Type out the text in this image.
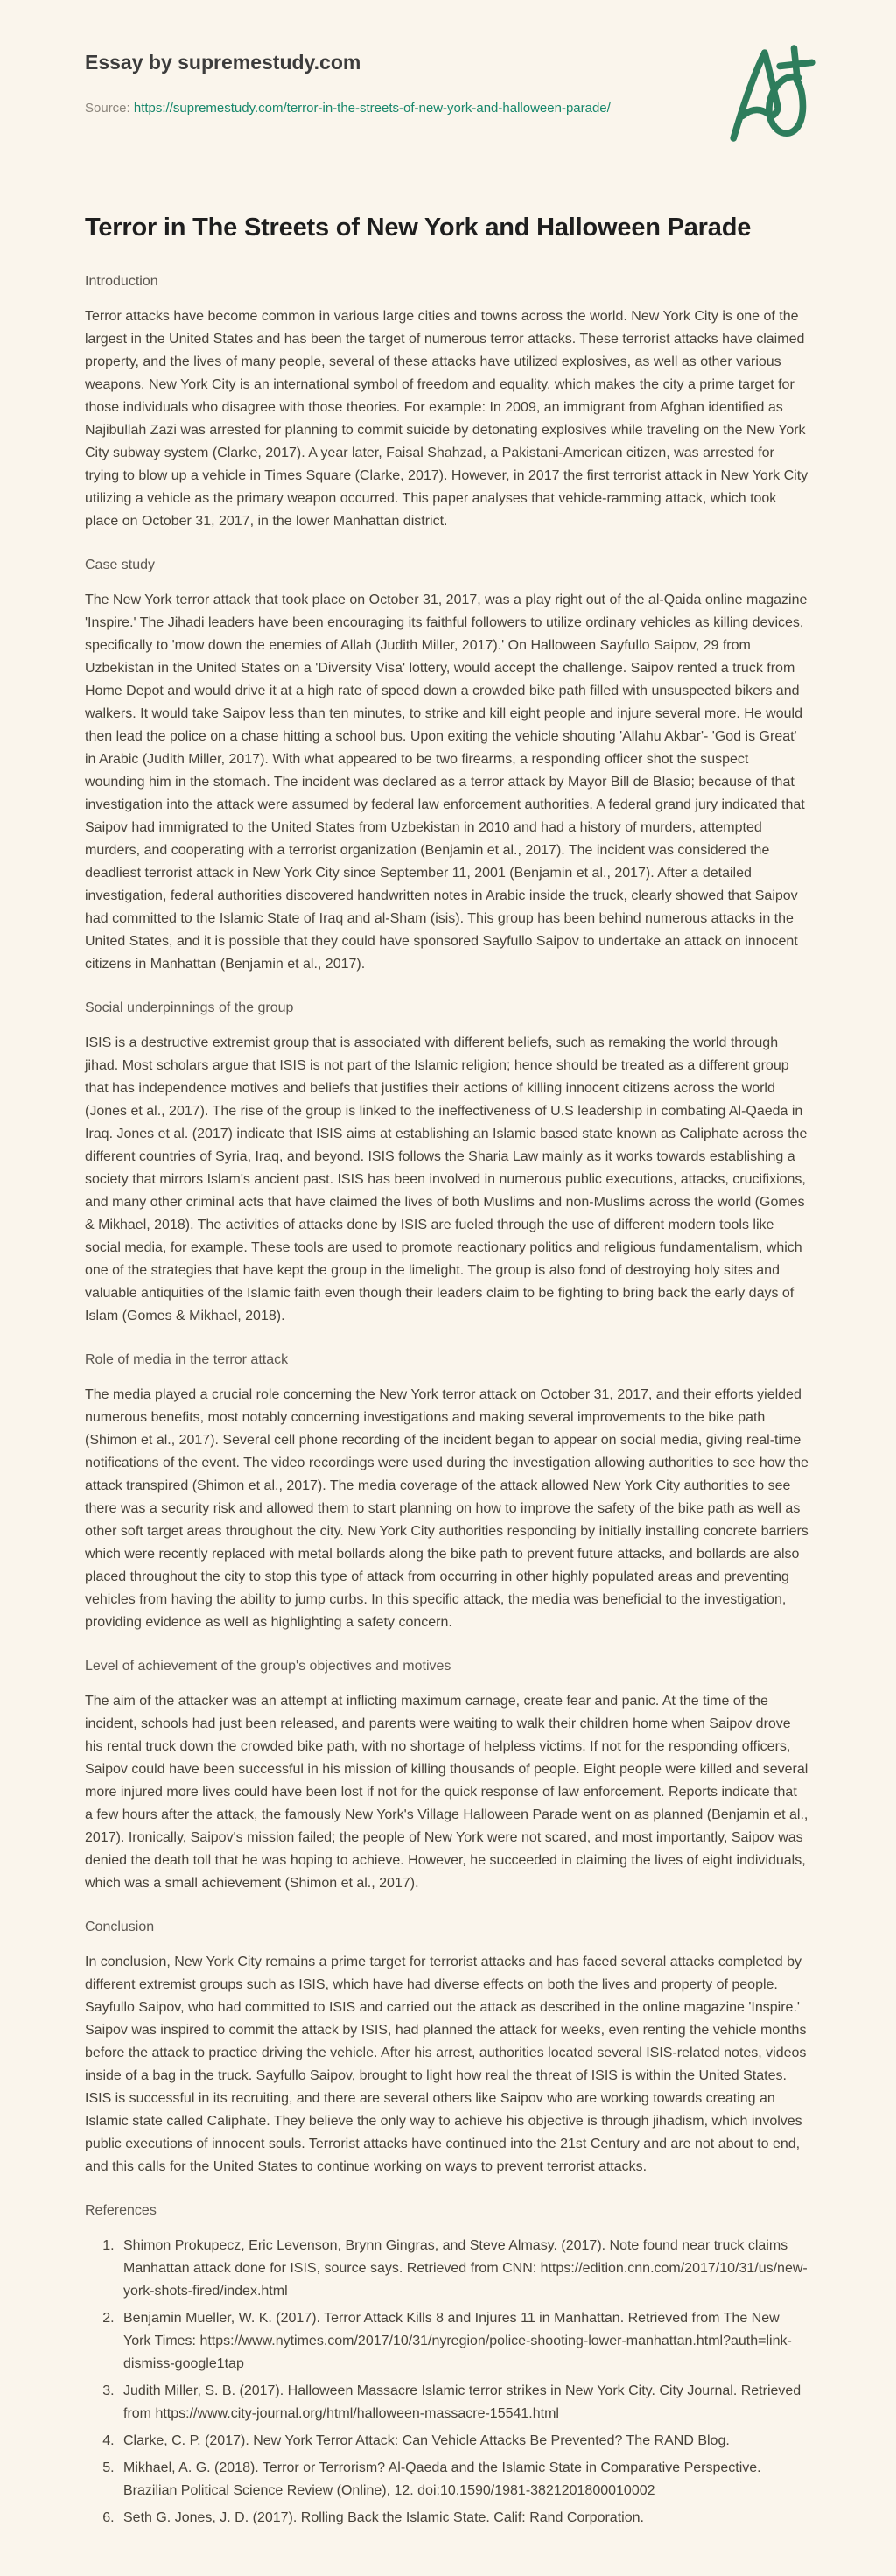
Essay by supremestudy.com
Source: https://supremestudy.com/terror-in-the-streets-of-new-york-and-halloween-parade/
Terror in The Streets of New York and Halloween Parade
Introduction

Terror attacks have become common in various large cities and towns across the world. New York City is one of the largest in the United States and has been the target of numerous terror attacks. These terrorist attacks have claimed property, and the lives of many people, several of these attacks have utilized explosives, as well as other various weapons. New York City is an international symbol of freedom and equality, which makes the city a prime target for those individuals who disagree with those theories. For example: In 2009, an immigrant from Afghan identified as Najibullah Zazi was arrested for planning to commit suicide by detonating explosives while traveling on the New York City subway system (Clarke, 2017). A year later, Faisal Shahzad, a Pakistani-American citizen, was arrested for trying to blow up a vehicle in Times Square (Clarke, 2017). However, in 2017 the first terrorist attack in New York City utilizing a vehicle as the primary weapon occurred. This paper analyses that vehicle-ramming attack, which took place on October 31, 2017, in the lower Manhattan district.

Case study

The New York terror attack that took place on October 31, 2017, was a play right out of the al-Qaida online magazine 'Inspire.' The Jihadi leaders have been encouraging its faithful followers to utilize ordinary vehicles as killing devices, specifically to 'mow down the enemies of Allah (Judith Miller, 2017).' On Halloween Sayfullo Saipov, 29 from Uzbekistan in the United States on a 'Diversity Visa' lottery, would accept the challenge. Saipov rented a truck from Home Depot and would drive it at a high rate of speed down a crowded bike path filled with unsuspected bikers and walkers. It would take Saipov less than ten minutes, to strike and kill eight people and injure several more. He would then lead the police on a chase hitting a school bus. Upon exiting the vehicle shouting 'Allahu Akbar'- 'God is Great' in Arabic (Judith Miller, 2017). With what appeared to be two firearms, a responding officer shot the suspect wounding him in the stomach. The incident was declared as a terror attack by Mayor Bill de Blasio; because of that investigation into the attack were assumed by federal law enforcement authorities. A federal grand jury indicated that Saipov had immigrated to the United States from Uzbekistan in 2010 and had a history of murders, attempted murders, and cooperating with a terrorist organization (Benjamin et al., 2017). The incident was considered the deadliest terrorist attack in New York City since September 11, 2001 (Benjamin et al., 2017). After a detailed investigation, federal authorities discovered handwritten notes in Arabic inside the truck, clearly showed that Saipov had committed to the Islamic State of Iraq and al-Sham (isis). This group has been behind numerous attacks in the United States, and it is possible that they could have sponsored Sayfullo Saipov to undertake an attack on innocent citizens in Manhattan (Benjamin et al., 2017).

Social underpinnings of the group

ISIS is a destructive extremist group that is associated with different beliefs, such as remaking the world through jihad. Most scholars argue that ISIS is not part of the Islamic religion; hence should be treated as a different group that has independence motives and beliefs that justifies their actions of killing innocent citizens across the world (Jones et al., 2017). The rise of the group is linked to the ineffectiveness of U.S leadership in combating Al-Qaeda in Iraq. Jones et al. (2017) indicate that ISIS aims at establishing an Islamic based state known as Caliphate across the different countries of Syria, Iraq, and beyond. ISIS follows the Sharia Law mainly as it works towards establishing a society that mirrors Islam's ancient past. ISIS has been involved in numerous public executions, attacks, crucifixions, and many other criminal acts that have claimed the lives of both Muslims and non-Muslims across the world (Gomes & Mikhael, 2018). The activities of attacks done by ISIS are fueled through the use of different modern tools like social media, for example. These tools are used to promote reactionary politics and religious fundamentalism, which one of the strategies that have kept the group in the limelight. The group is also fond of destroying holy sites and valuable antiquities of the Islamic faith even though their leaders claim to be fighting to bring back the early days of Islam (Gomes & Mikhael, 2018).

Role of media in the terror attack

The media played a crucial role concerning the New York terror attack on October 31, 2017, and their efforts yielded numerous benefits, most notably concerning investigations and making several improvements to the bike path (Shimon et al., 2017). Several cell phone recording of the incident began to appear on social media, giving real-time notifications of the event. The video recordings were used during the investigation allowing authorities to see how the attack transpired (Shimon et al., 2017). The media coverage of the attack allowed New York City authorities to see there was a security risk and allowed them to start planning on how to improve the safety of the bike path as well as other soft target areas throughout the city. New York City authorities responding by initially installing concrete barriers which were recently replaced with metal bollards along the bike path to prevent future attacks, and bollards are also placed throughout the city to stop this type of attack from occurring in other highly populated areas and preventing vehicles from having the ability to jump curbs. In this specific attack, the media was beneficial to the investigation, providing evidence as well as highlighting a safety concern.

Level of achievement of the group's objectives and motives

The aim of the attacker was an attempt at inflicting maximum carnage, create fear and panic. At the time of the incident, schools had just been released, and parents were waiting to walk their children home when Saipov drove his rental truck down the crowded bike path, with no shortage of helpless victims. If not for the responding officers, Saipov could have been successful in his mission of killing thousands of people. Eight people were killed and several more injured more lives could have been lost if not for the quick response of law enforcement. Reports indicate that a few hours after the attack, the famously New York's Village Halloween Parade went on as planned (Benjamin et al., 2017). Ironically, Saipov's mission failed; the people of New York were not scared, and most importantly, Saipov was denied the death toll that he was hoping to achieve. However, he succeeded in claiming the lives of eight individuals, which was a small achievement (Shimon et al., 2017).

Conclusion

In conclusion, New York City remains a prime target for terrorist attacks and has faced several attacks completed by different extremist groups such as ISIS, which have had diverse effects on both the lives and property of people. Sayfullo Saipov, who had committed to ISIS and carried out the attack as described in the online magazine 'Inspire.' Saipov was inspired to commit the attack by ISIS, had planned the attack for weeks, even renting the vehicle months before the attack to practice driving the vehicle. After his arrest, authorities located several ISIS-related notes, videos inside of a bag in the truck. Sayfullo Saipov, brought to light how real the threat of ISIS is within the United States. ISIS is successful in its recruiting, and there are several others like Saipov who are working towards creating an Islamic state called Caliphate. They believe the only way to achieve his objective is through jihadism, which involves public executions of innocent souls. Terrorist attacks have continued into the 21st Century and are not about to end, and this calls for the United States to continue working on ways to prevent terrorist attacks.

References
1. Shimon Prokupecz, Eric Levenson, Brynn Gingras, and Steve Almasy. (2017). Note found near truck claims Manhattan attack done for ISIS, source says. Retrieved from CNN: https://edition.cnn.com/2017/10/31/us/new-york-shots-fired/index.html
2. Benjamin Mueller, W. K. (2017). Terror Attack Kills 8 and Injures 11 in Manhattan. Retrieved from The New York Times: https://www.nytimes.com/2017/10/31/nyregion/police-shooting-lower-manhattan.html?auth=link-dismiss-google1tap
3. Judith Miller, S. B. (2017). Halloween Massacre Islamic terror strikes in New York City. City Journal. Retrieved from https://www.city-journal.org/html/halloween-massacre-15541.html
4. Clarke, C. P. (2017). New York Terror Attack: Can Vehicle Attacks Be Prevented? The RAND Blog.
5. Mikhael, A. G. (2018). Terror or Terrorism? Al-Qaeda and the Islamic State in Comparative Perspective. Brazilian Political Science Review (Online), 12. doi:10.1590/1981-3821201800010002
6. Seth G. Jones, J. D. (2017). Rolling Back the Islamic State. Calif: Rand Corporation.
